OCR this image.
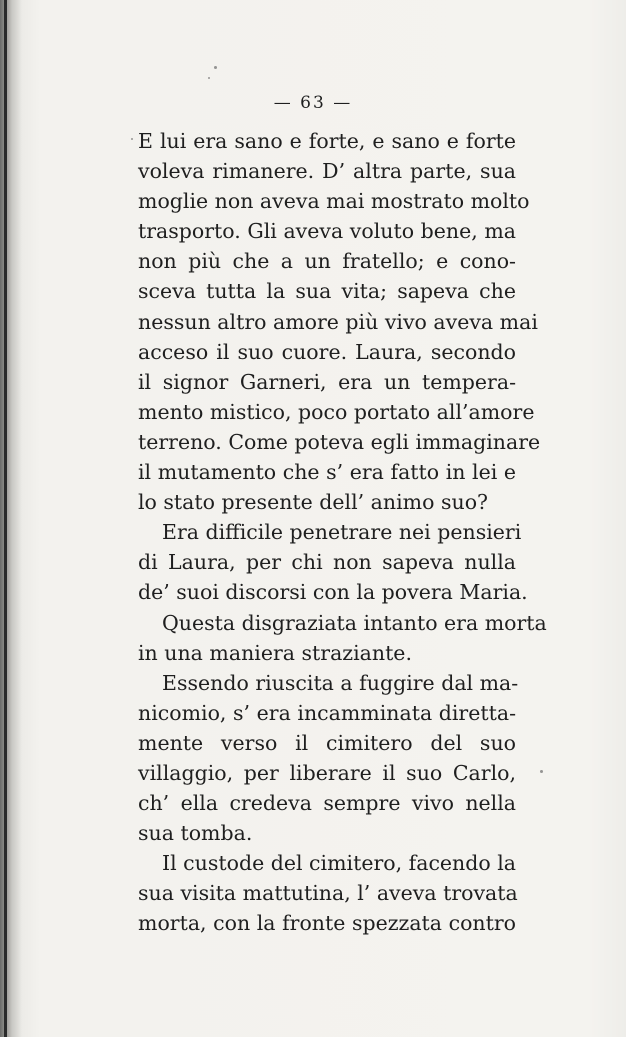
— 63 —
E lui era sano e forte, e sano e forte
voleva rimanere. D’ altra parte, sua
moglie non aveva mai mostrato molto
trasporto. Gli aveva voluto bene, ma
non più che a un fratello; e cono-
sceva tutta la sua vita; sapeva che
nessun altro amore più vivo aveva mai
acceso il suo cuore. Laura, secondo
il signor Garneri, era un tempera-
mento mistico, poco portato all’amore
terreno. Come poteva egli immaginare
il mutamento che s’ era fatto in lei e
lo stato presente dell’ animo suo?
Era difficile penetrare nei pensieri
di Laura, per chi non sapeva nulla
de’ suoi discorsi con la povera Maria.
Questa disgraziata intanto era morta
in una maniera straziante.
Essendo riuscita a fuggire dal ma-
nicomio, s’ era incamminata diretta-
mente verso il cimitero del suo
villaggio, per liberare il suo Carlo,
ch’ ella credeva sempre vivo nella
sua tomba.
Il custode del cimitero, facendo la
sua visita mattutina, l’ aveva trovata
morta, con la fronte spezzata contro
